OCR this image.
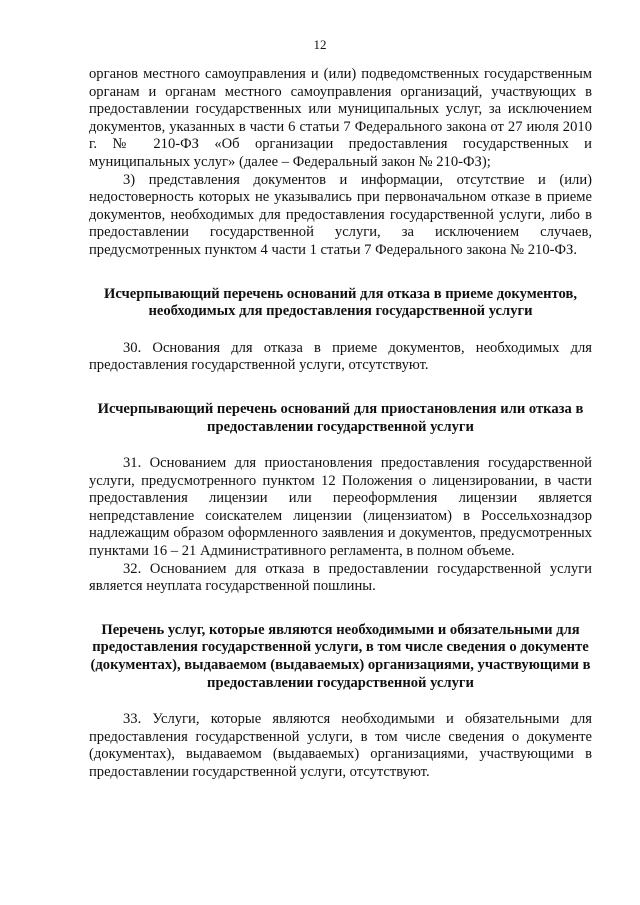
12

органов местного самоуправления и (или) подведомственных государственным органам и органам местного самоуправления организаций, участвующих в предоставлении государственных или муниципальных услуг, за исключением документов, указанных в части 6 статьи 7 Федерального закона от 27 июля 2010 г. № 210-ФЗ «Об организации предоставления государственных и муниципальных услуг» (далее – Федеральный закон № 210-ФЗ);

3) представления документов и информации, отсутствие и (или) недостоверность которых не указывались при первоначальном отказе в приеме документов, необходимых для предоставления государственной услуги, либо в предоставлении государственной услуги, за исключением случаев, предусмотренных пунктом 4 части 1 статьи 7 Федерального закона № 210-ФЗ.

Исчерпывающий перечень оснований для отказа в приеме документов, необходимых для предоставления государственной услуги

30. Основания для отказа в приеме документов, необходимых для предоставления государственной услуги, отсутствуют.

Исчерпывающий перечень оснований для приостановления или отказа в предоставлении государственной услуги

31. Основанием для приостановления предоставления государственной услуги, предусмотренного пунктом 12 Положения о лицензировании, в части предоставления лицензии или переоформления лицензии является непредставление соискателем лицензии (лицензиатом) в Россельхознадзор надлежащим образом оформленного заявления и документов, предусмотренных пунктами 16 – 21 Административного регламента, в полном объеме.

32. Основанием для отказа в предоставлении государственной услуги является неуплата государственной пошлины.

Перечень услуг, которые являются необходимыми и обязательными для предоставления государственной услуги, в том числе сведения о документе (документах), выдаваемом (выдаваемых) организациями, участвующими в предоставлении государственной услуги

33. Услуги, которые являются необходимыми и обязательными для предоставления государственной услуги, в том числе сведения о документе (документах), выдаваемом (выдаваемых) организациями, участвующими в предоставлении государственной услуги, отсутствуют.
